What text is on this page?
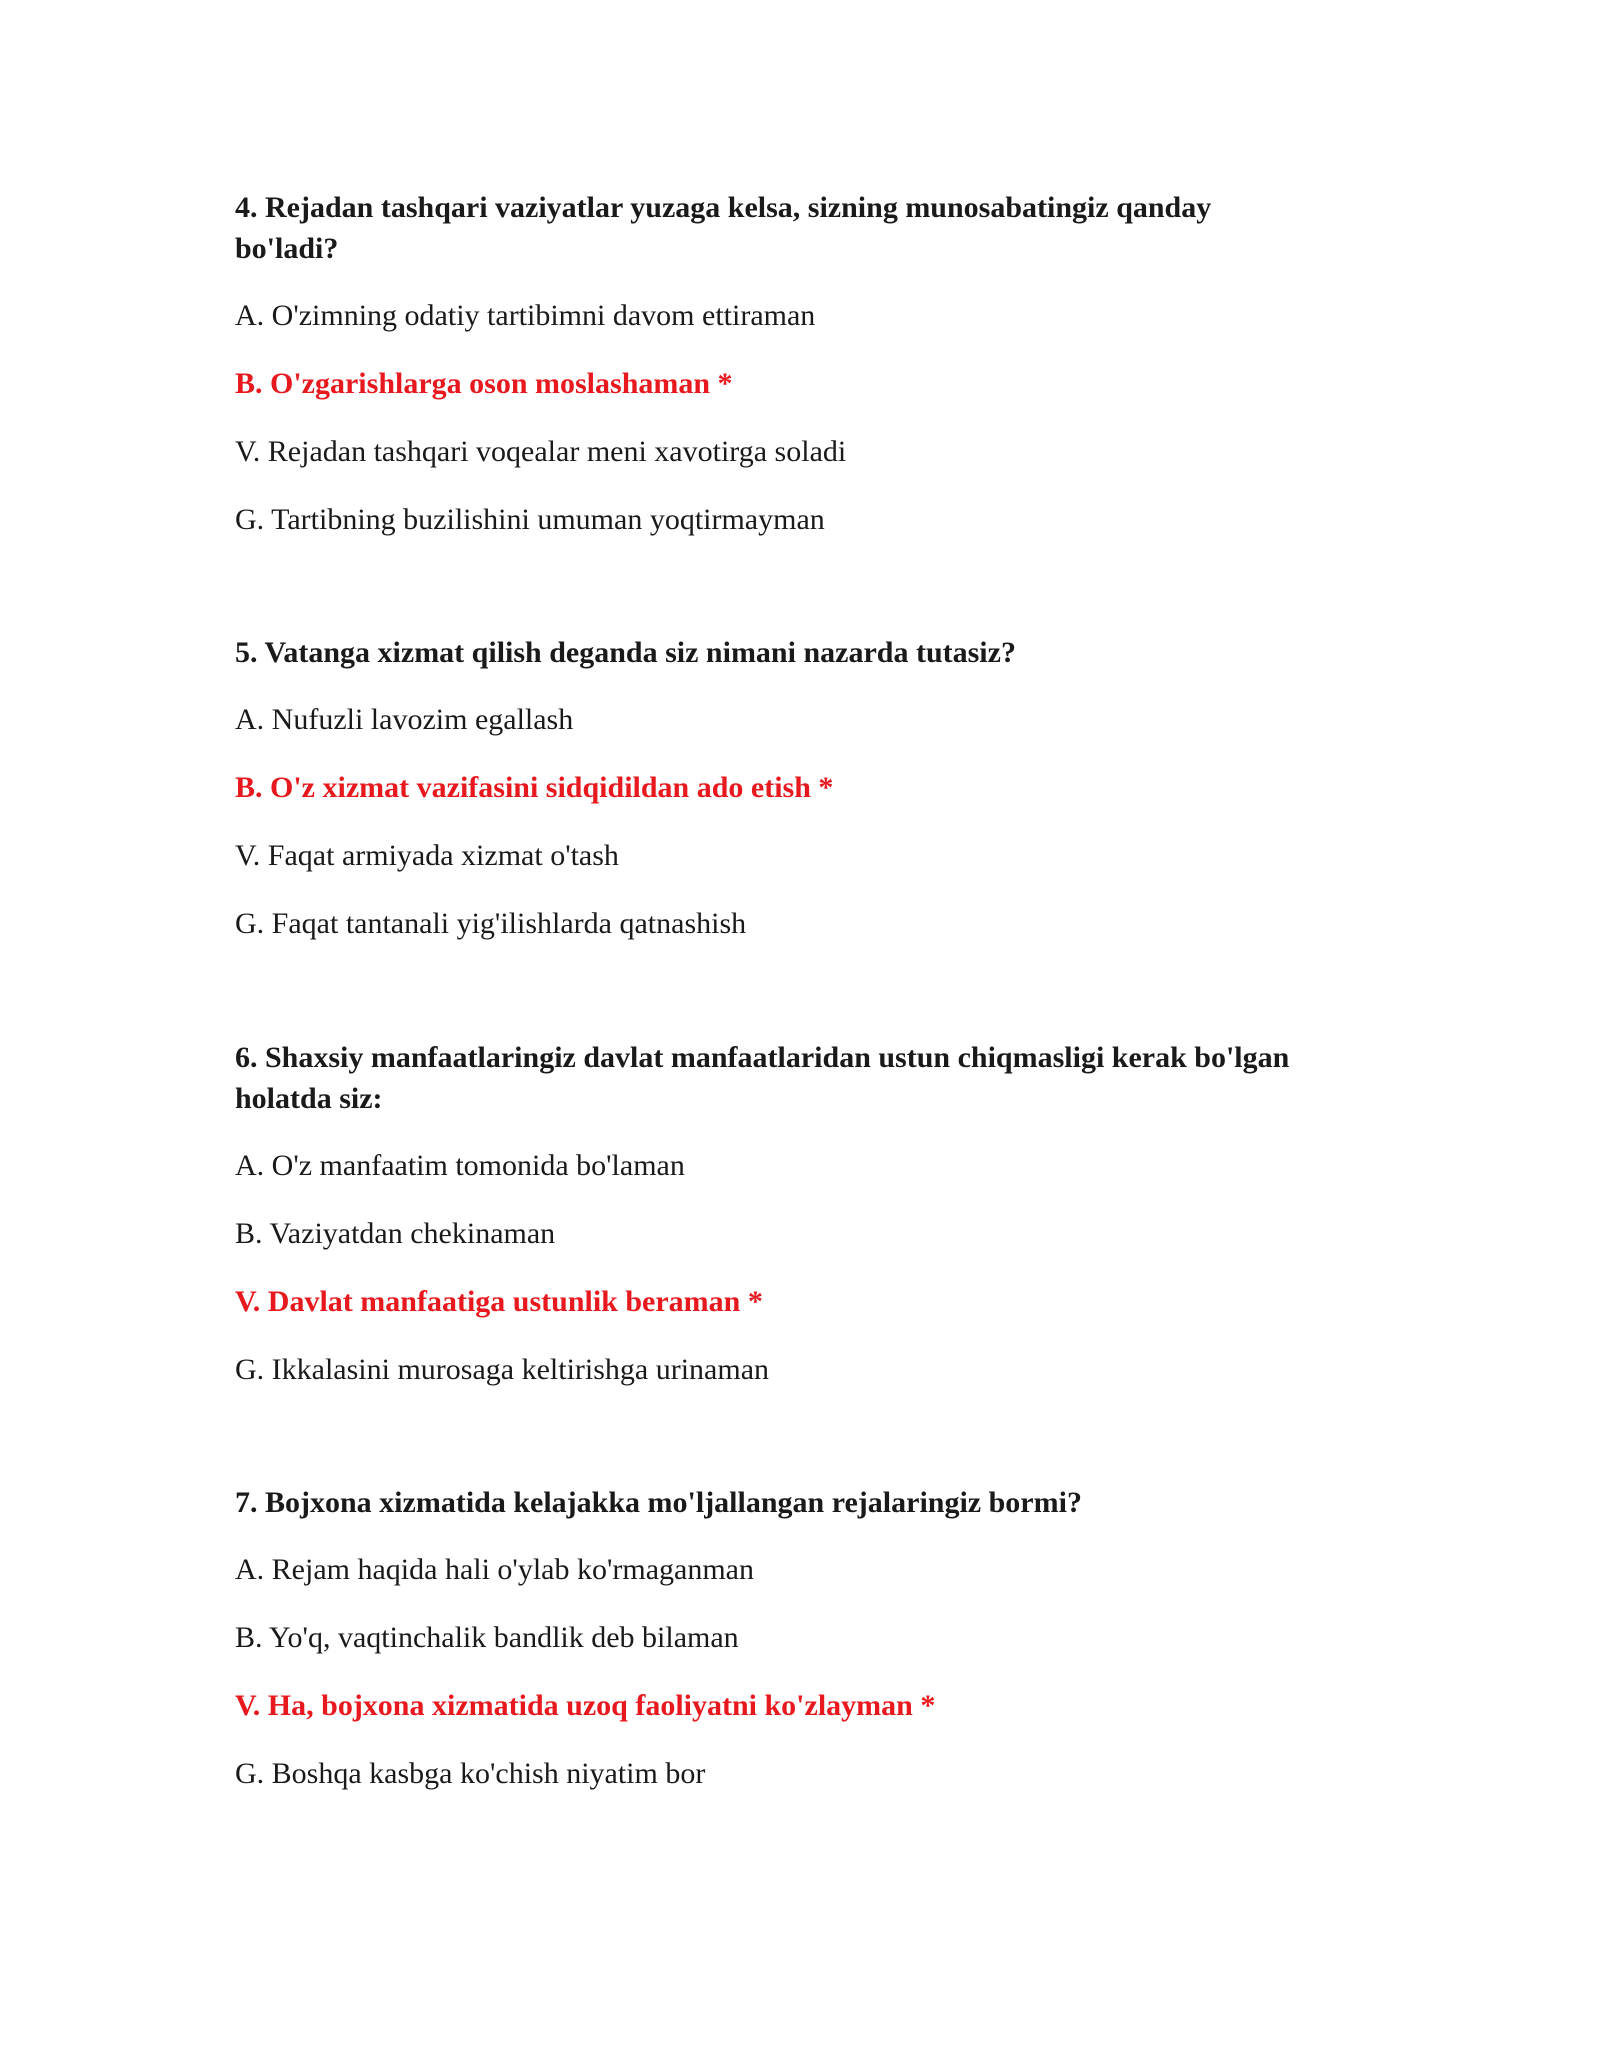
4. Rejadan tashqari vaziyatlar yuzaga kelsa, sizning munosabatingiz qanday bo'ladi?
A. O'zimning odatiy tartibimni davom ettiraman
B. O'zgarishlarga oson moslashaman *
V. Rejadan tashqari voqealar meni xavotirga soladi
G. Tartibning buzilishini umuman yoqtirmayman
5. Vatanga xizmat qilish deganda siz nimani nazarda tutasiz?
A. Nufuzli lavozim egallash
B. O'z xizmat vazifasini sidqidildan ado etish *
V. Faqat armiyada xizmat o'tash
G. Faqat tantanali yig'ilishlarda qatnashish
6. Shaxsiy manfaatlaringiz davlat manfaatlaridan ustun chiqmasligi kerak bo'lgan holatda siz:
A. O'z manfaatim tomonida bo'laman
B. Vaziyatdan chekinaman
V. Davlat manfaatiga ustunlik beraman *
G. Ikkalasini murosaga keltirishga urinaman
7. Bojxona xizmatida kelajakka mo'ljallangan rejalaringiz bormi?
A. Rejam haqida hali o'ylab ko'rmaganman
B. Yo'q, vaqtinchalik bandlik deb bilaman
V. Ha, bojxona xizmatida uzoq faoliyatni ko'zlayman *
G. Boshqa kasbga ko'chish niyatim bor
